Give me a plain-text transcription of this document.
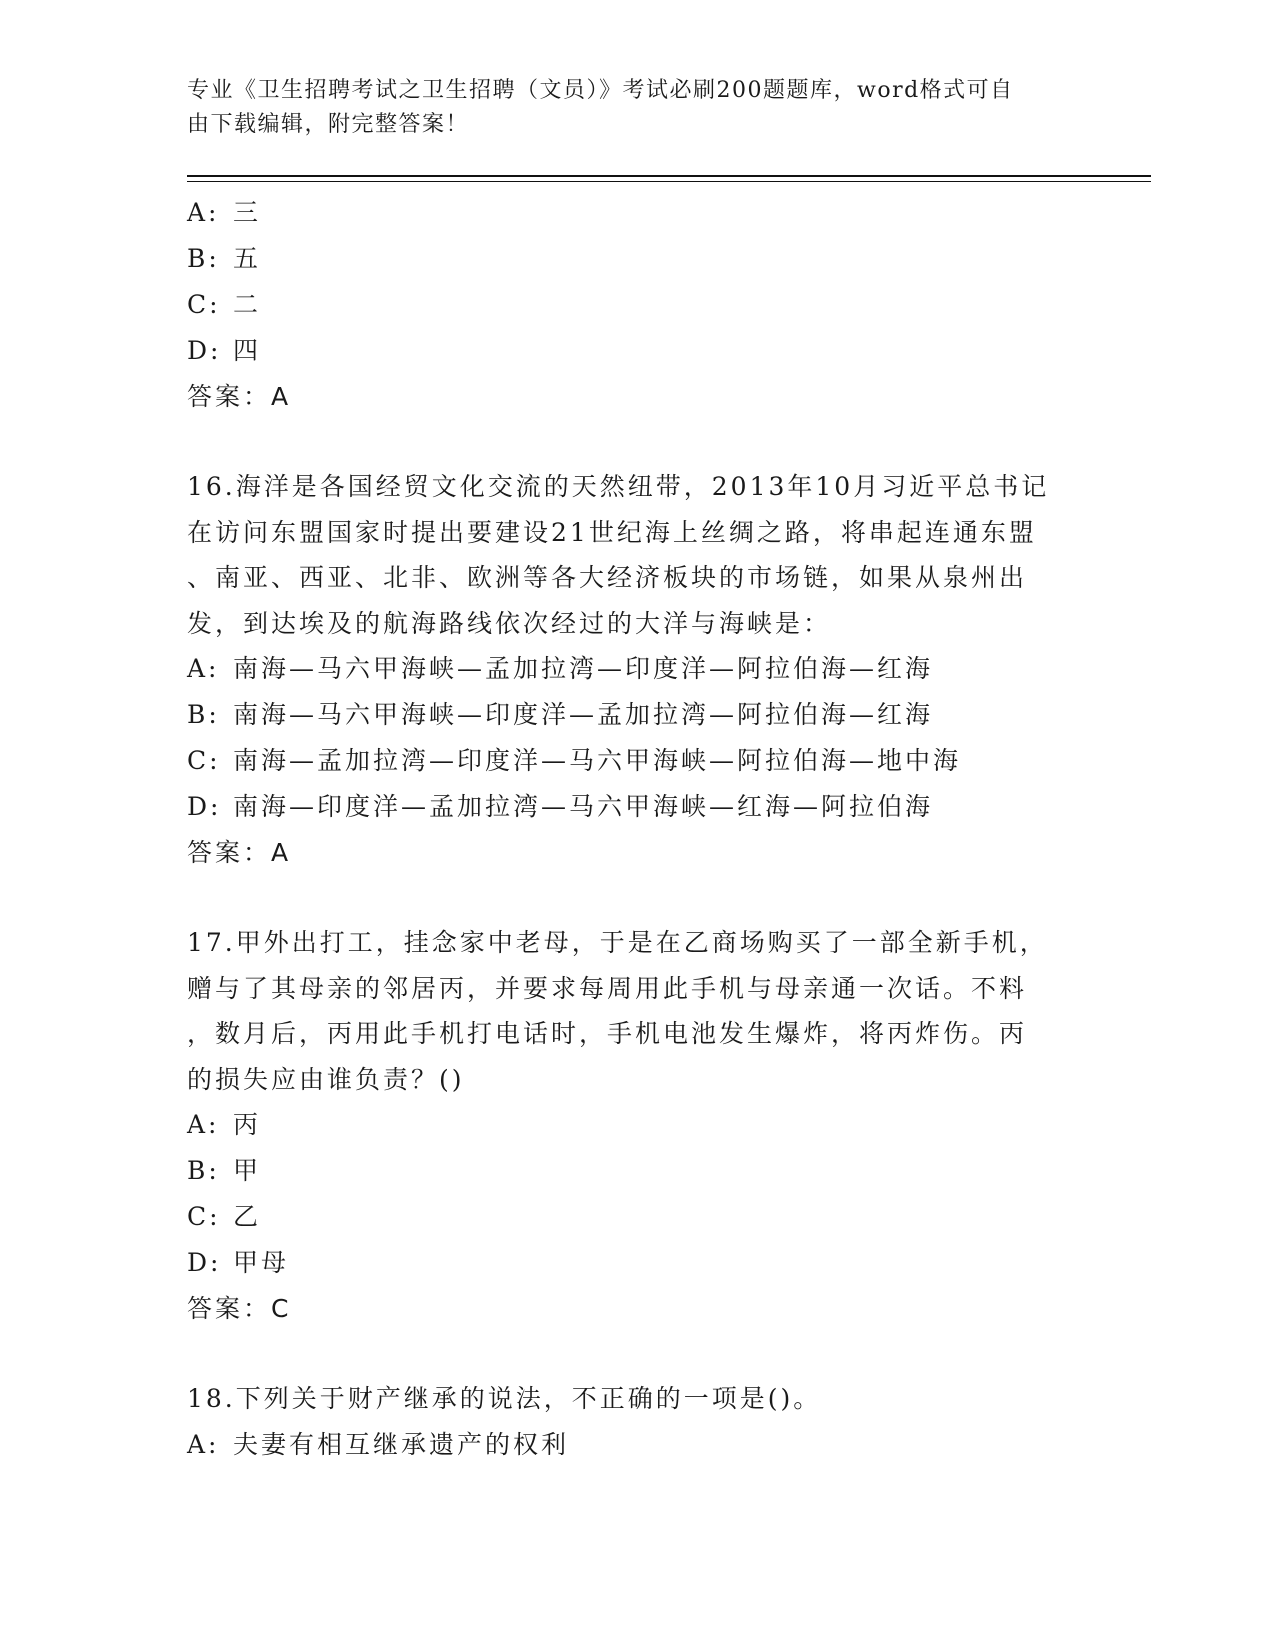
专业《卫生招聘考试之卫生招聘（文员）》考试必刷200题题库，word格式可自
由下载编辑，附完整答案！
A: 三
B: 五
C: 二
D: 四
答案：A
16.海洋是各国经贸文化交流的天然纽带，2013年10月习近平总书记
在访问东盟国家时提出要建设21世纪海上丝绸之路，将串起连通东盟
、南亚、西亚、北非、欧洲等各大经济板块的市场链，如果从泉州出
发，到达埃及的航海路线依次经过的大洋与海峡是：
A: 南海—马六甲海峡—孟加拉湾—印度洋—阿拉伯海—红海
B: 南海—马六甲海峡—印度洋—孟加拉湾—阿拉伯海—红海
C: 南海—孟加拉湾—印度洋—马六甲海峡—阿拉伯海—地中海
D: 南海—印度洋—孟加拉湾—马六甲海峡—红海—阿拉伯海
答案：A
17.甲外出打工，挂念家中老母，于是在乙商场购买了一部全新手机，
赠与了其母亲的邻居丙，并要求每周用此手机与母亲通一次话。不料
，数月后，丙用此手机打电话时，手机电池发生爆炸，将丙炸伤。丙
的损失应由谁负责？()
A: 丙
B: 甲
C: 乙
D: 甲母
答案：C
18.下列关于财产继承的说法，不正确的一项是()。
A: 夫妻有相互继承遗产的权利
